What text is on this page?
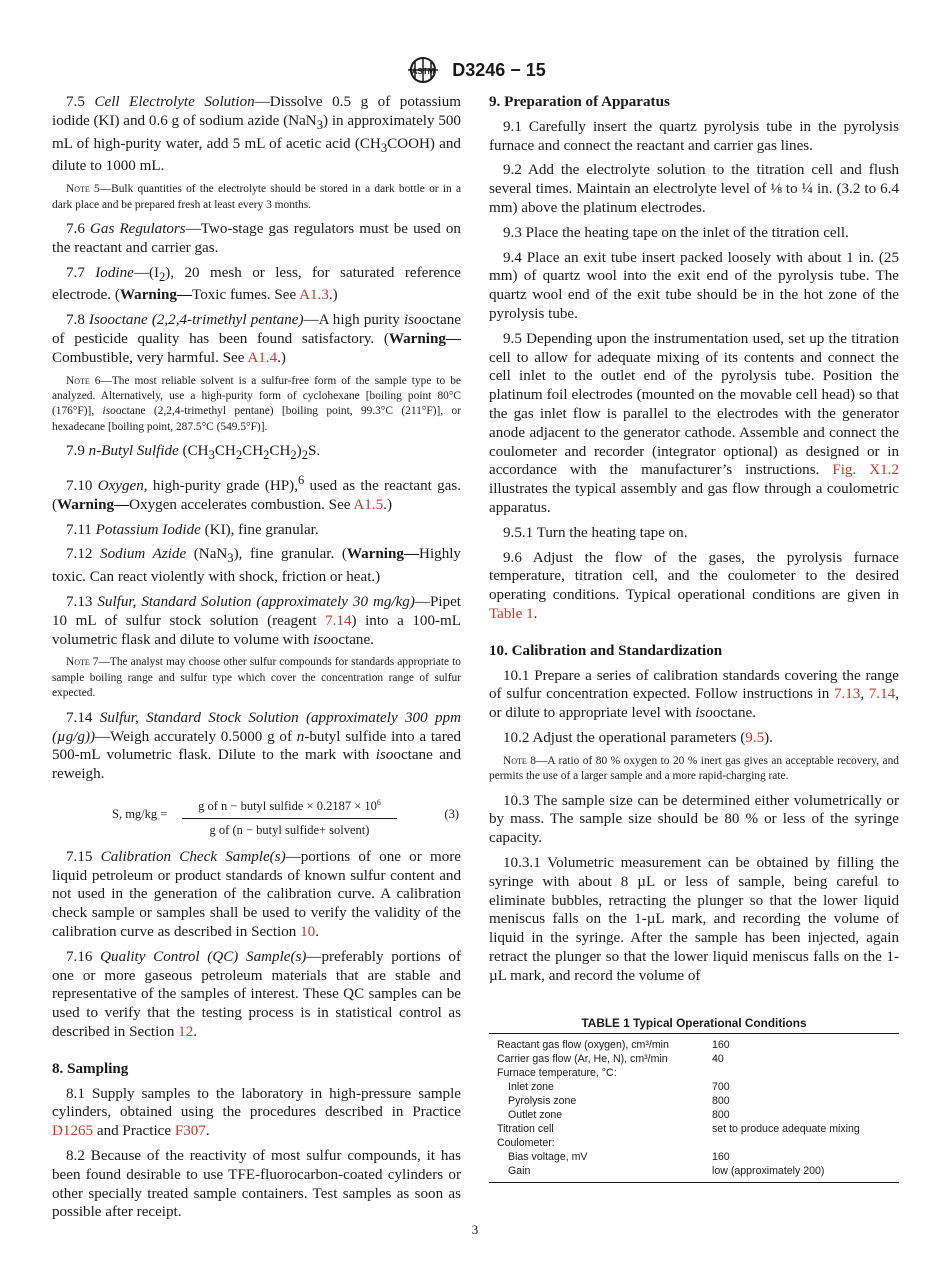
ASTM D3246 − 15

7.5 Cell Electrolyte Solution—Dissolve 0.5 g of potassium iodide (KI) and 0.6 g of sodium azide (NaN$_3$) in approximately 500 mL of high-purity water, add 5 mL of acetic acid $(CH_3COOH)$ and dilute to 1000 mL.

Note 5—Bulk quantities of the electrolyte should be stored in a dark bottle or in a dark place and be prepared fresh at least every 3 months.

7.6 Gas Regulators—Two-stage gas regulators must be used on the reactant and carrier gas.

7.7 $Iodine—(I_2)$, 20 mesh or less, for saturated reference electrode. (Warning—Toxic fumes. See A1.3.)

7.8 Isooctane (2,2,4-trimethyl pentane)—A high purity isooctane of pesticide quality has been found satisfactory. (Warning—Combustible, very harmful. See A1.4.)

Note 6—The most reliable solvent is a sulfur-free form of the sample type to be analyzed. Alternatively, use a high-purity form of cyclohexane [boiling point 80°C (176°F)], isooctane (2,2,4-trimethyl pentane) [boiling point, 99.3°C (211°F)], or hexadecane [boiling point, 287.5°C (549.5°F)].

7.9 n-Butyl Sulfide $(CH_3CH_2CH_2CH_2)_2S$.

7.10 Oxygen, high-purity grade (HP),$^6$ used as the reactant gas. (Warning—Oxygen accelerates combustion. See A1.5.)

7.11 Potassium Iodide (KI), fine granular.

7.12 Sodium Azide (NaN$_3$), fine granular. (Warning—Highly toxic. Can react violently with shock, friction or heat.)

7.13 Sulfur, Standard Solution (approximately 30 mg/kg)—Pipet 10 mL of sulfur stock solution (reagent 7.14) into a 100-mL volumetric flask and dilute to volume with isooctane.

Note 7—The analyst may choose other sulfur compounds for standards appropriate to sample boiling range and sulfur type which cover the concentration range of sulfur expected.

7.14 Sulfur, Standard Stock Solution (approximately 300 ppm (µg/g))—Weigh accurately 0.5000 g of n-butyl sulfide into a tared 500-mL volumetric flask. Dilute to the mark with isooctane and reweigh.

S, mg/kg =
g of n − butyl sulfide × $0.2187 \times 10^6$
g of (n − butyl sulfide+ solvent)
(3)

7.15 Calibration Check Sample(s)—portions of one or more liquid petroleum or product standards of known sulfur content and not used in the generation of the calibration curve. A calibration check sample or samples shall be used to verify the validity of the calibration curve as described in Section 10.

7.16 Quality Control (QC) Sample(s)—preferably portions of one or more gaseous petroleum materials that are stable and representative of the samples of interest. These QC samples can be used to verify that the testing process is in statistical control as described in Section 12.

8. Sampling

8.1 Supply samples to the laboratory in high-pressure sample cylinders, obtained using the procedures described in Practice D1265 and Practice F307.

8.2 Because of the reactivity of most sulfur compounds, it has been found desirable to use TFE-fluorocarbon-coated cylinders or other specially treated sample containers. Test samples as soon as possible after receipt.

9. Preparation of Apparatus

9.1 Carefully insert the quartz pyrolysis tube in the pyrolysis furnace and connect the reactant and carrier gas lines.

9.2 Add the electrolyte solution to the titration cell and flush several times. Maintain an electrolyte level of ⅛ to ¼ in. (3.2 to 6.4 mm) above the platinum electrodes.

9.3 Place the heating tape on the inlet of the titration cell.

9.4 Place an exit tube insert packed loosely with about 1 in. (25 mm) of quartz wool into the exit end of the pyrolysis tube. The quartz wool end of the exit tube should be in the hot zone of the pyrolysis tube.

9.5 Depending upon the instrumentation used, set up the titration cell to allow for adequate mixing of its contents and connect the cell inlet to the outlet end of the pyrolysis tube. Position the platinum foil electrodes (mounted on the movable cell head) so that the gas inlet flow is parallel to the electrodes with the generator anode adjacent to the generator cathode. Assemble and connect the coulometer and recorder (integrator optional) as designed or in accordance with the manufacturer’s instructions. Fig. X1.2 illustrates the typical assembly and gas flow through a coulometric apparatus.

9.5.1 Turn the heating tape on.

9.6 Adjust the flow of the gases, the pyrolysis furnace temperature, titration cell, and the coulometer to the desired operating conditions. Typical operational conditions are given in Table 1.

10. Calibration and Standardization

10.1 Prepare a series of calibration standards covering the range of sulfur concentration expected. Follow instructions in 7.13, 7.14, or dilute to appropriate level with isooctane.

10.2 Adjust the operational parameters (9.5).

Note 8—A ratio of 80 % oxygen to 20 % inert gas gives an acceptable recovery, and permits the use of a larger sample and a more rapid-charging rate.

10.3 The sample size can be determined either volumetrically or by mass. The sample size should be 80 % or less of the syringe capacity.

10.3.1 Volumetric measurement can be obtained by filling the syringe with about 8 µL or less of sample, being careful to eliminate bubbles, retracting the plunger so that the lower liquid meniscus falls on the 1-µL mark, and recording the volume of liquid in the syringe. After the sample has been injected, again retract the plunger so that the lower liquid meniscus falls on the 1-µL mark, and record the volume of

TABLE 1 Typical Operational Conditions
Reactant gas flow (oxygen), cm³/min	160
Carrier gas flow (Ar, He, N), cm³/min	40
Furnace temperature, °C:	
Inlet zone	700
Pyrolysis zone	800
Outlet zone	800
Titration cell	set to produce adequate mixing
Coulometer:	
Bias voltage, mV	160
Gain	low (approximately 200)
3
